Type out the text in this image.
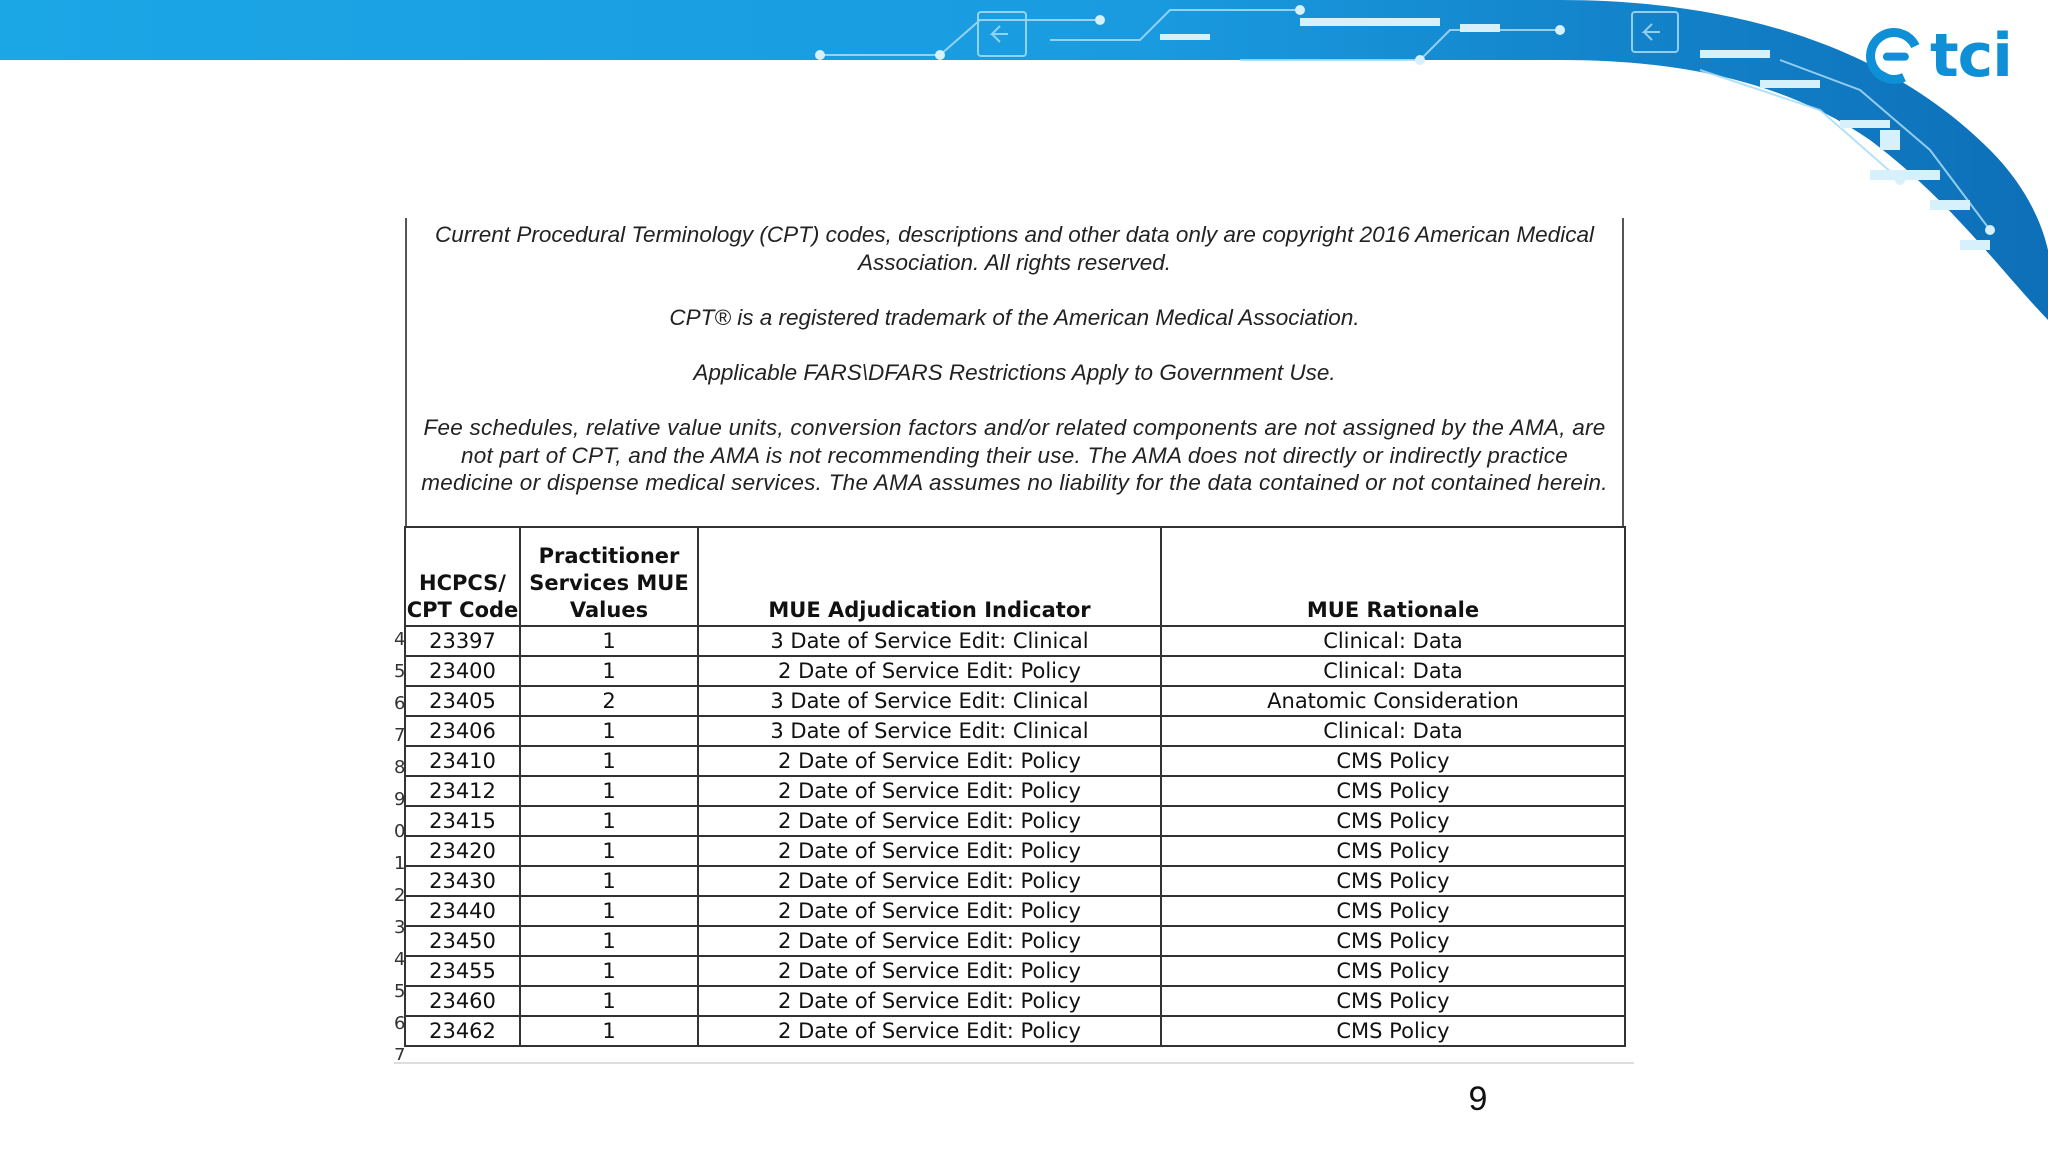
tci

Current Procedural Terminology (CPT) codes, descriptions and other data only are copyright 2016 American Medical Association. All rights reserved.

CPT® is a registered trademark of the American Medical Association.

Applicable FARS\DFARS Restrictions Apply to Government Use.

Fee schedules, relative value units, conversion factors and/or related components are not assigned by the AMA, are not part of CPT, and the AMA is not recommending their use. The AMA does not directly or indirectly practice medicine or dispense medical services. The AMA assumes no liability for the data contained or not contained herein.

4
5
6
7
8
9
0
1
2
3
4
5
6
7
HCPCS/ CPT Code	Practitioner Services MUE Values	MUE Adjudication Indicator	MUE Rationale
23397	1	3 Date of Service Edit: Clinical	Clinical: Data
23400	1	2 Date of Service Edit: Policy	Clinical: Data
23405	2	3 Date of Service Edit: Clinical	Anatomic Consideration
23406	1	3 Date of Service Edit: Clinical	Clinical: Data
23410	1	2 Date of Service Edit: Policy	CMS Policy
23412	1	2 Date of Service Edit: Policy	CMS Policy
23415	1	2 Date of Service Edit: Policy	CMS Policy
23420	1	2 Date of Service Edit: Policy	CMS Policy
23430	1	2 Date of Service Edit: Policy	CMS Policy
23440	1	2 Date of Service Edit: Policy	CMS Policy
23450	1	2 Date of Service Edit: Policy	CMS Policy
23455	1	2 Date of Service Edit: Policy	CMS Policy
23460	1	2 Date of Service Edit: Policy	CMS Policy
23462	1	2 Date of Service Edit: Policy	CMS Policy
9
